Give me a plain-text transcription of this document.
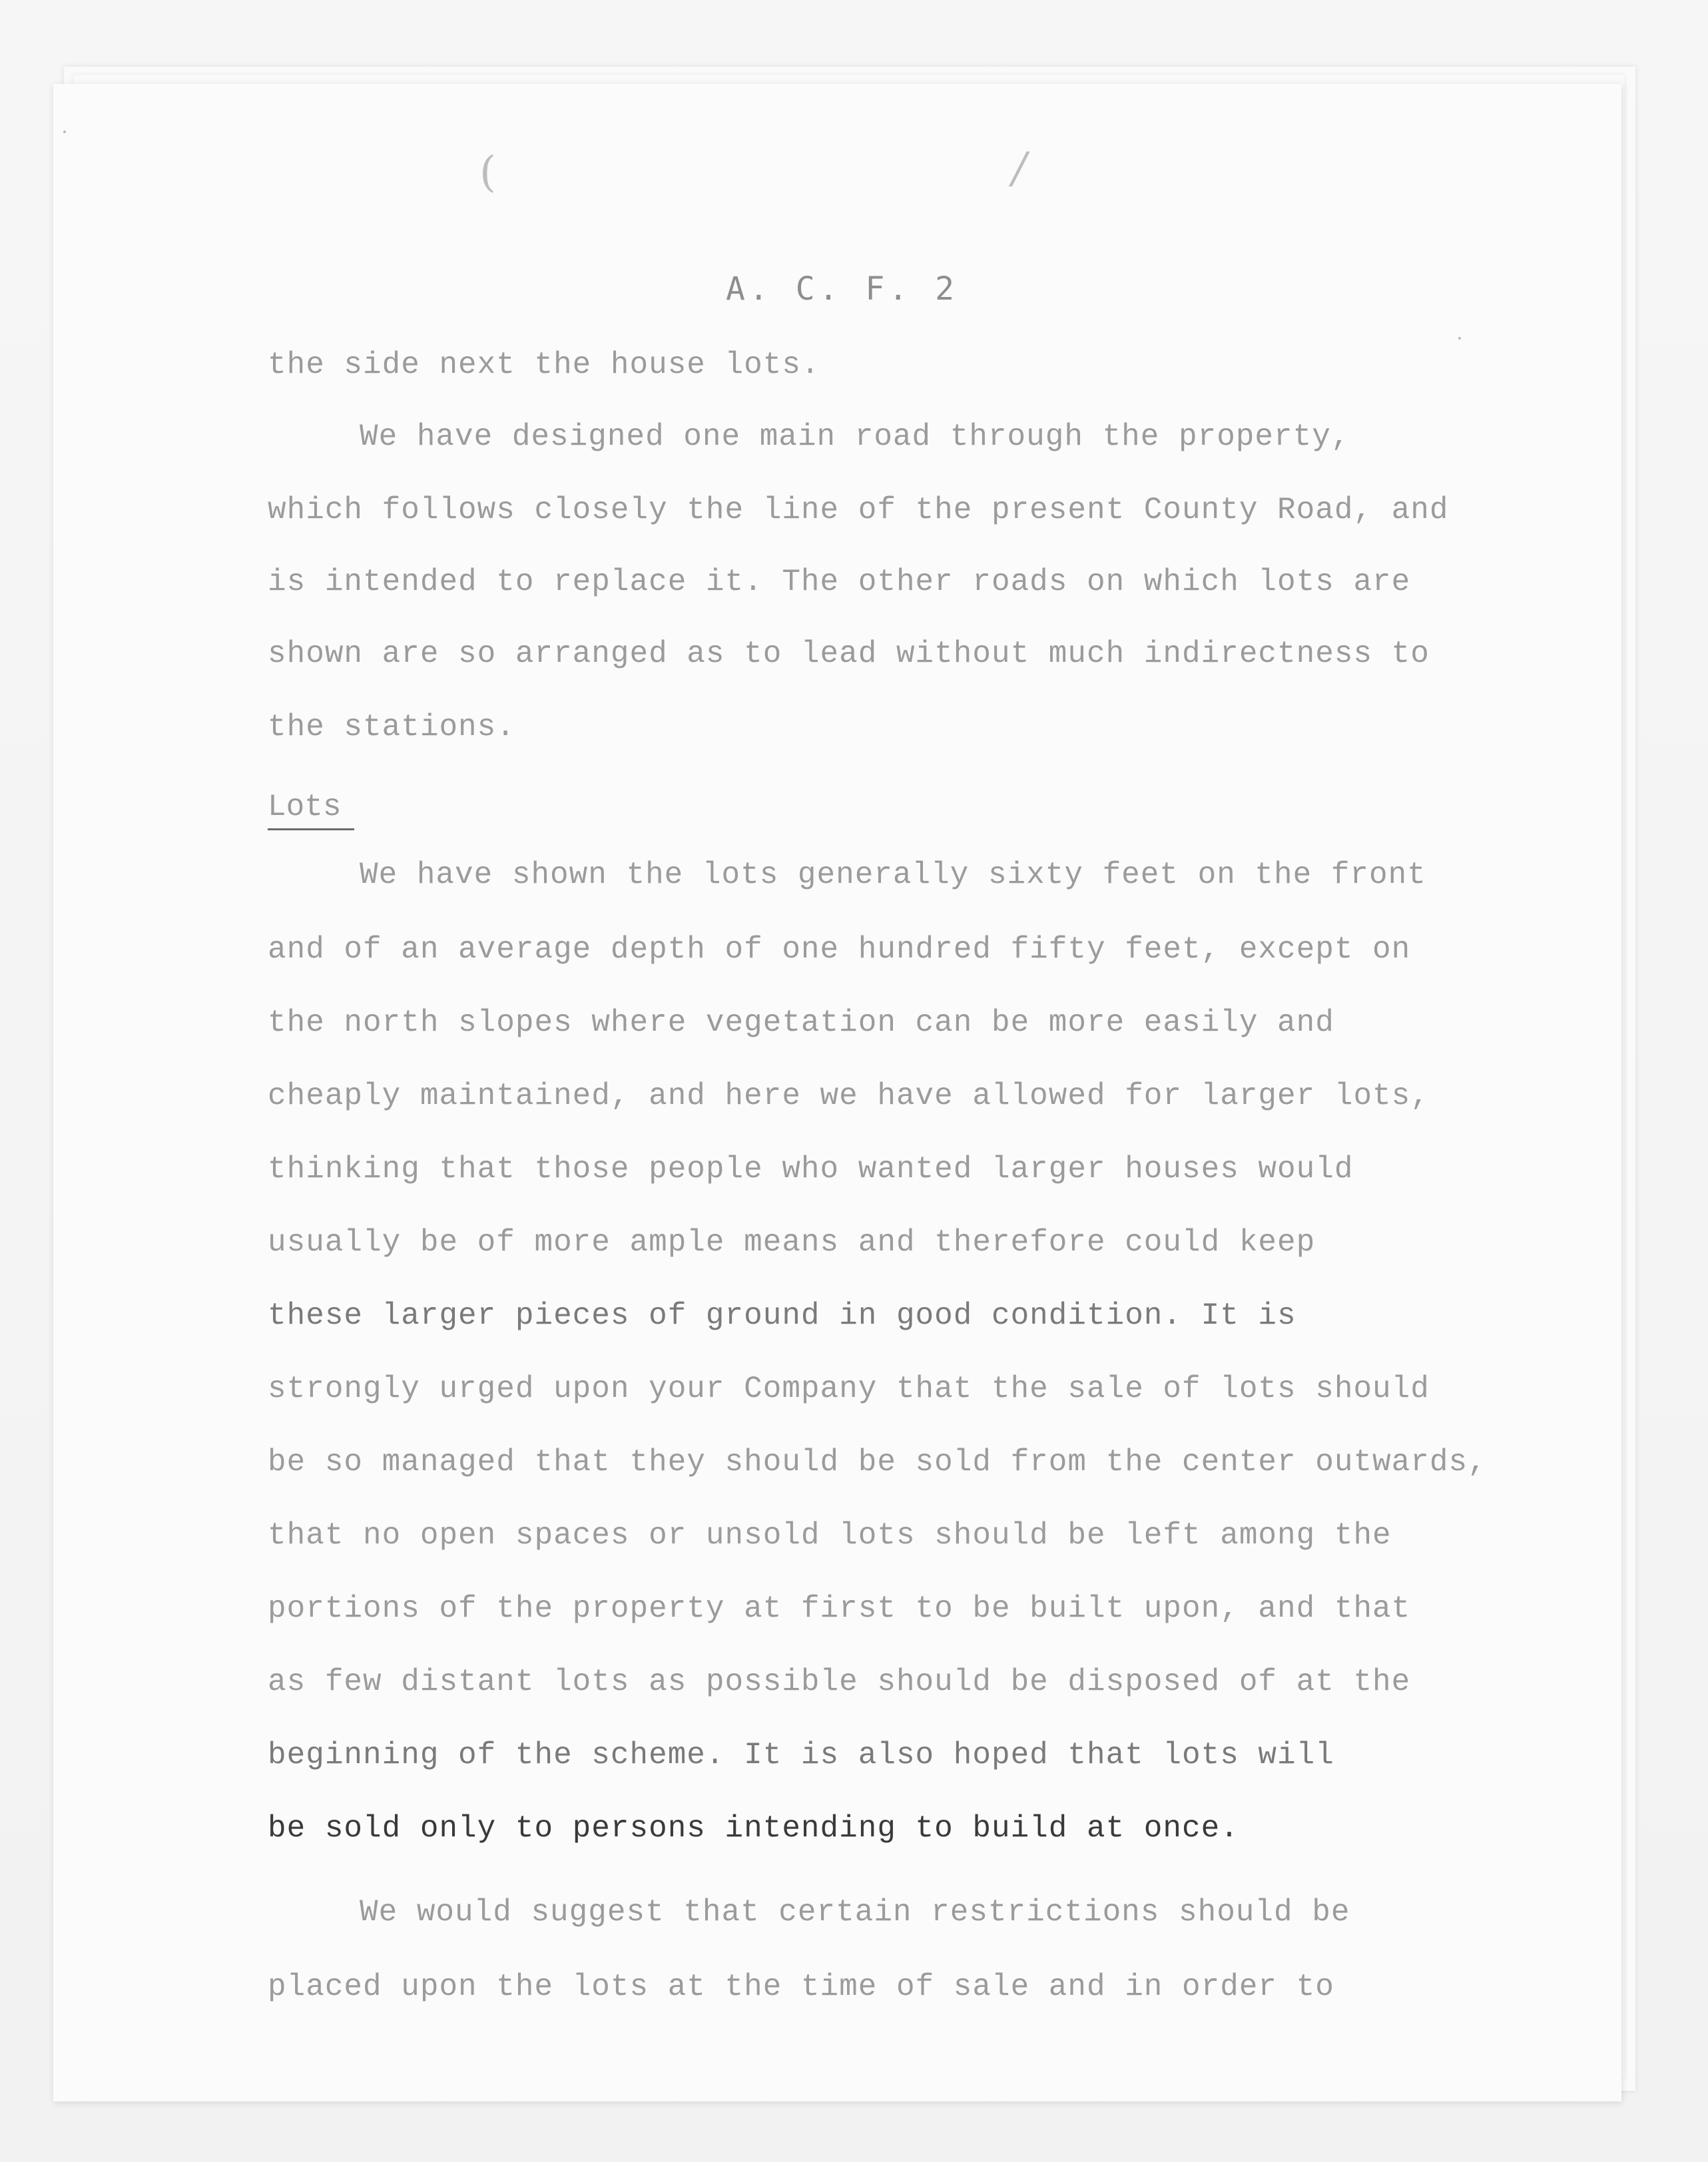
(	/
A. C. F. 2
the side next the house lots.
We have designed one main road through the property,
which follows closely the line of the present County Road, and
is intended to replace it. The other roads on which lots are
shown are so arranged as to lead without much indirectness to
the stations.
Lots
We have shown the lots generally sixty feet on the front
and of an average depth of one hundred fifty feet, except on
the north slopes where vegetation can be more easily and
cheaply maintained, and here we have allowed for larger lots,
thinking that those people who wanted larger houses would
usually be of more ample means and therefore could keep
these larger pieces of ground in good condition. It is
strongly urged upon your Company that the sale of lots should
be so managed that they should be sold from the center outwards,
that no open spaces or unsold lots should be left among the
portions of the property at first to be built upon, and that
as few distant lots as possible should be disposed of at the
beginning of the scheme. It is also hoped that lots will
be sold only to persons intending to build at once.
We would suggest that certain restrictions should be
placed upon the lots at the time of sale and in order to
